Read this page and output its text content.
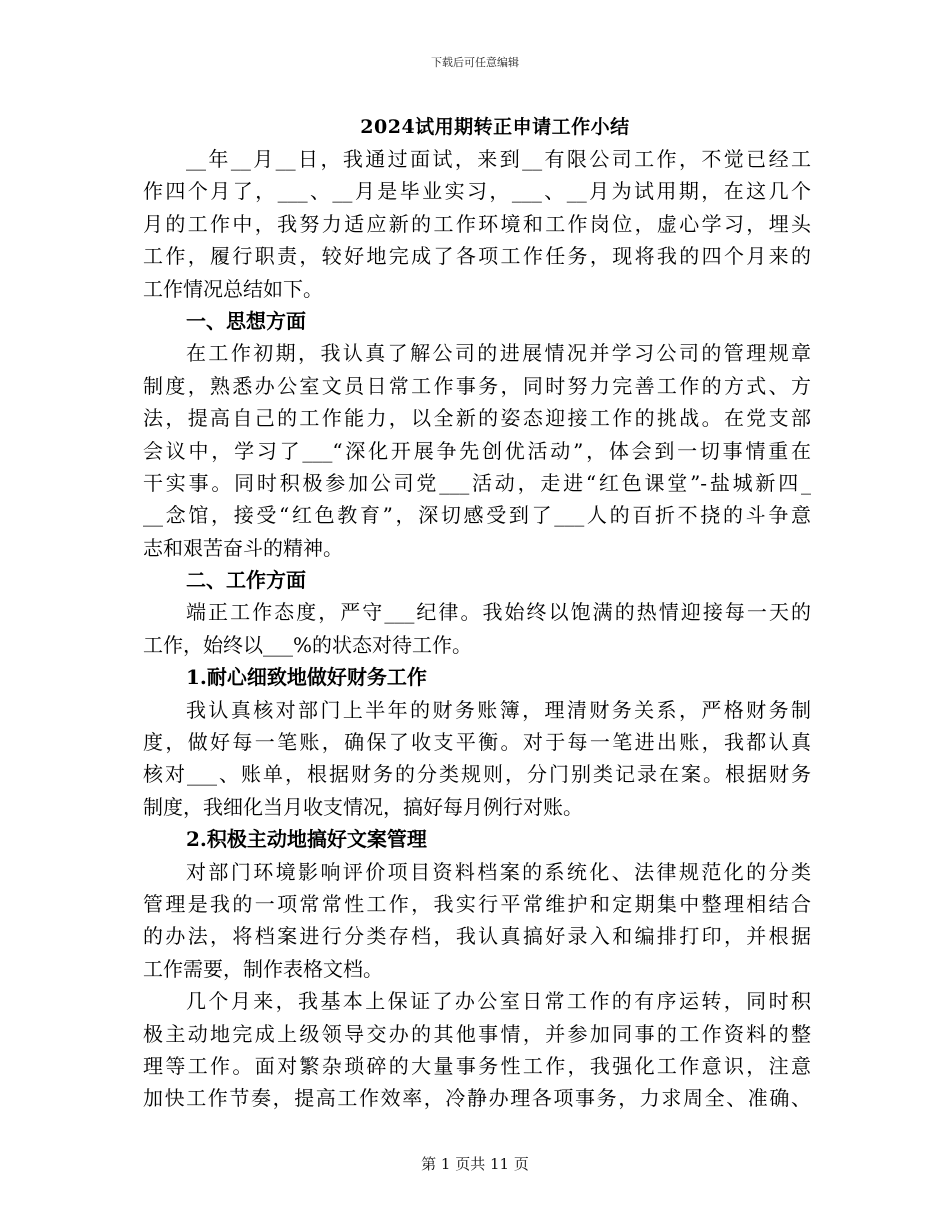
下载后可任意编辑
2024试用期转正申请工作小结
__年__月__日，我通过面试，来到__有限公司工作，不觉已经工
作四个月了，___、__月是毕业实习，___、__月为试用期，在这几个
月的工作中，我努力适应新的工作环境和工作岗位，虚心学习，埋头
工作，履行职责，较好地完成了各项工作任务，现将我的四个月来的
工作情况总结如下。
一、思想方面
在工作初期，我认真了解公司的进展情况并学习公司的管理规章
制度，熟悉办公室文员日常工作事务，同时努力完善工作的方式、方
法，提高自己的工作能力，以全新的姿态迎接工作的挑战。在党支部
会议中，学习了___“深化开展争先创优活动”，体会到一切事情重在
干实事。同时积极参加公司党___活动，走进“红色课堂”-盐城新四_
__念馆，接受“红色教育”，深切感受到了___人的百折不挠的斗争意
志和艰苦奋斗的精神。
二、工作方面
端正工作态度，严守___纪律。我始终以饱满的热情迎接每一天的
工作，始终以___%的状态对待工作。
1.耐心细致地做好财务工作
我认真核对部门上半年的财务账簿，理清财务关系，严格财务制
度，做好每一笔账，确保了收支平衡。对于每一笔进出账，我都认真
核对___、账单，根据财务的分类规则，分门别类记录在案。根据财务
制度，我细化当月收支情况，搞好每月例行对账。
2.积极主动地搞好文案管理
对部门环境影响评价项目资料档案的系统化、法律规范化的分类
管理是我的一项常常性工作，我实行平常维护和定期集中整理相结合
的办法，将档案进行分类存档，我认真搞好录入和编排打印，并根据
工作需要，制作表格文档。
几个月来，我基本上保证了办公室日常工作的有序运转，同时积
极主动地完成上级领导交办的其他事情，并参加同事的工作资料的整
理等工作。面对繁杂琐碎的大量事务性工作，我强化工作意识，注意
加快工作节奏，提高工作效率，冷静办理各项事务，力求周全、准确、
第 1 页共 11 页
